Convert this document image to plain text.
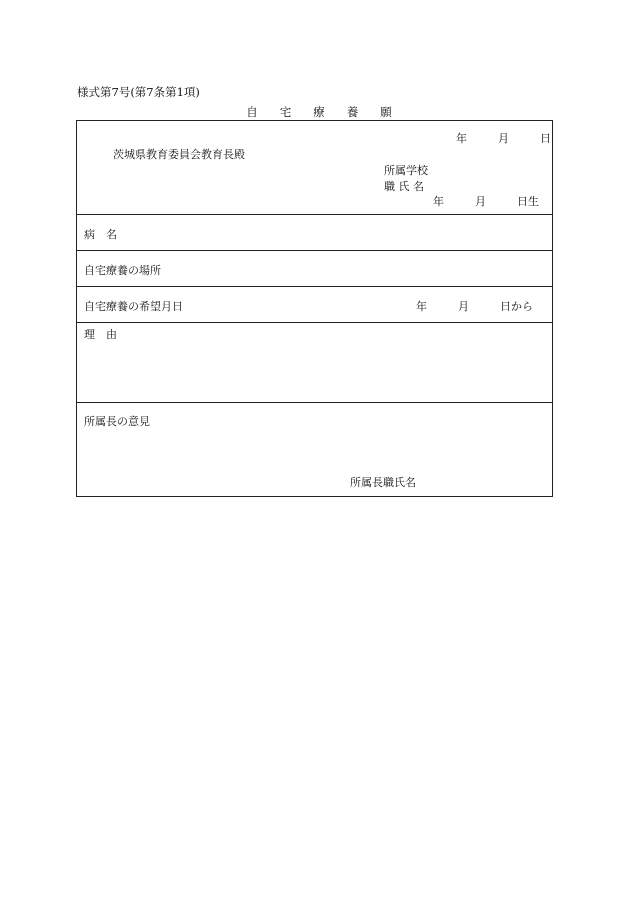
様式第7号(第7条第1項)
自 宅 療 養 願
年	月	日
茨城県教育委員会教育長殿
所属学校
職 氏 名
年	月	日生
病　名
自宅療養の場所
自宅療養の希望月日	年	月	日から
理　由
所属長の意見
所属長職氏名
